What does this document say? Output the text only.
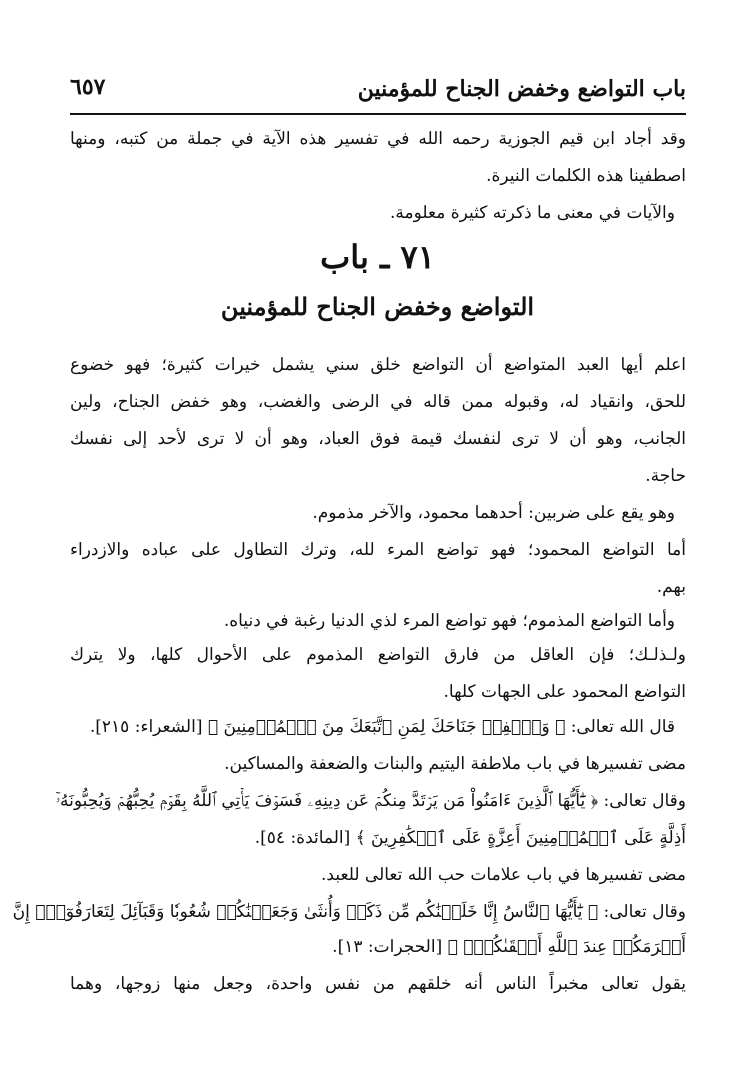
باب التواضع وخفض الجناح للمؤمنين
٦٥٧
وقد أجاد ابن قيم الجوزية رحمه الله في تفسير هذه الآية في جملة من كتبه، ومنها
اصطفينا هذه الكلمات النيرة.
والآيات في معنى ما ذكرته كثيرة معلومة.
٧١ ـ باب
التواضع وخفض الجناح للمؤمنين
اعلم أيها العبد المتواضع أن التواضع خلق سني يشمل خيرات كثيرة؛ فهو خضوع
للحق، وانقياد له، وقبوله ممن قاله في الرضى والغضب، وهو خفض الجناح، ولين
الجانب، وهو أن لا ترى لنفسك قيمة فوق العباد، وهو أن لا ترى لأحد إلى نفسك
حاجة.
وهو يقع على ضربين: أحدهما محمود، والآخر مذموم.
أما التواضع المحمود؛ فهو تواضع المرء لله، وترك التطاول على عباده والازدراء
بهم.
وأما التواضع المذموم؛ فهو تواضع المرء لذي الدنيا رغبة في دنياه.
ولـذلـك؛ فإن العاقل من فارق التواضع المذموم على الأحوال كلها، ولا يترك
التواضع المحمود على الجهات كلها.
قال الله تعالى: ﴿ وَٱخۡفِضۡ جَنَاحَكَ لِمَنِ ٱتَّبَعَكَ مِنَ ٱلۡمُؤۡمِنِينَ ﴾ [الشعراء: ٢١٥].
مضى تفسيرها في باب ملاطفة اليتيم والبنات والضعفة والمساكين.
وقال تعالى: ﴿ يَٰٓأَيُّهَا ٱلَّذِينَ ءَامَنُواْ مَن يَرۡتَدَّ مِنكُمۡ عَن دِينِهِۦ فَسَوۡفَ يَأۡتِي ٱللَّهُ بِقَوۡمٖ يُحِبُّهُمۡ وَيُحِبُّونَهُۥٓ
أَذِلَّةٍ عَلَى ٱلۡمُؤۡمِنِينَ أَعِزَّةٍ عَلَى ٱلۡكَٰفِرِينَ ﴾ [المائدة: ٥٤].
مضى تفسيرها في باب علامات حب الله تعالى للعبد.
وقال تعالى: ﴿ يَٰٓأَيُّهَا ٱلنَّاسُ إِنَّا خَلَقۡنَٰكُم مِّن ذَكَرٖ وَأُنثَىٰ وَجَعَلۡنَٰكُمۡ شُعُوبٗا وَقَبَآئِلَ لِتَعَارَفُوٓاْۚ إِنَّ
أَكۡرَمَكُمۡ عِندَ ٱللَّهِ أَتۡقَىٰكُمۡۚ ﴾ [الحجرات: ١٣].
يقول تعالى مخبراً الناس أنه خلقهم من نفس واحدة، وجعل منها زوجها، وهما
